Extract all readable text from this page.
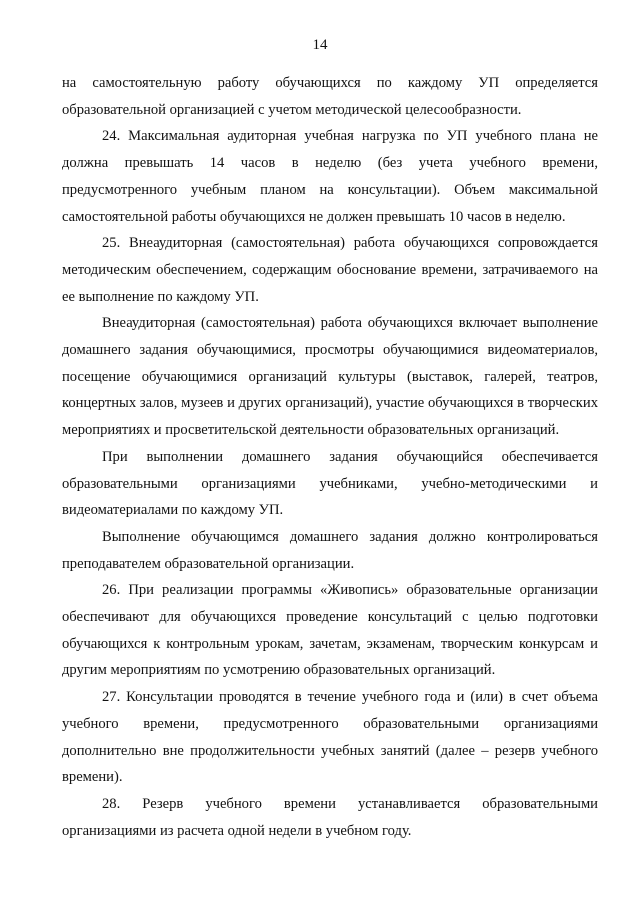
14

на самостоятельную работу обучающихся по каждому УП определяется образовательной организацией с учетом методической целесообразности.

24. Максимальная аудиторная учебная нагрузка по УП учебного плана не должна превышать 14 часов в неделю (без учета учебного времени, предусмотренного учебным планом на консультации). Объем максимальной самостоятельной работы обучающихся не должен превышать 10 часов в неделю.

25. Внеаудиторная (самостоятельная) работа обучающихся сопровождается методическим обеспечением, содержащим обоснование времени, затрачиваемого на ее выполнение по каждому УП.

Внеаудиторная (самостоятельная) работа обучающихся включает выполнение домашнего задания обучающимися, просмотры обучающимися видеоматериалов, посещение обучающимися организаций культуры (выставок, галерей, театров, концертных залов, музеев и других организаций), участие обучающихся в творческих мероприятиях и просветительской деятельности образовательных организаций.

При выполнении домашнего задания обучающийся обеспечивается образовательными организациями учебниками, учебно-методическими и видеоматериалами по каждому УП.

Выполнение обучающимся домашнего задания должно контролироваться преподавателем образовательной организации.

26. При реализации программы «Живопись» образовательные организации обеспечивают для обучающихся проведение консультаций с целью подготовки обучающихся к контрольным урокам, зачетам, экзаменам, творческим конкурсам и другим мероприятиям по усмотрению образовательных организаций.

27. Консультации проводятся в течение учебного года и (или) в счет объема учебного времени, предусмотренного образовательными организациями дополнительно вне продолжительности учебных занятий (далее – резерв учебного времени).

28. Резерв учебного времени устанавливается образовательными организациями из расчета одной недели в учебном году.
